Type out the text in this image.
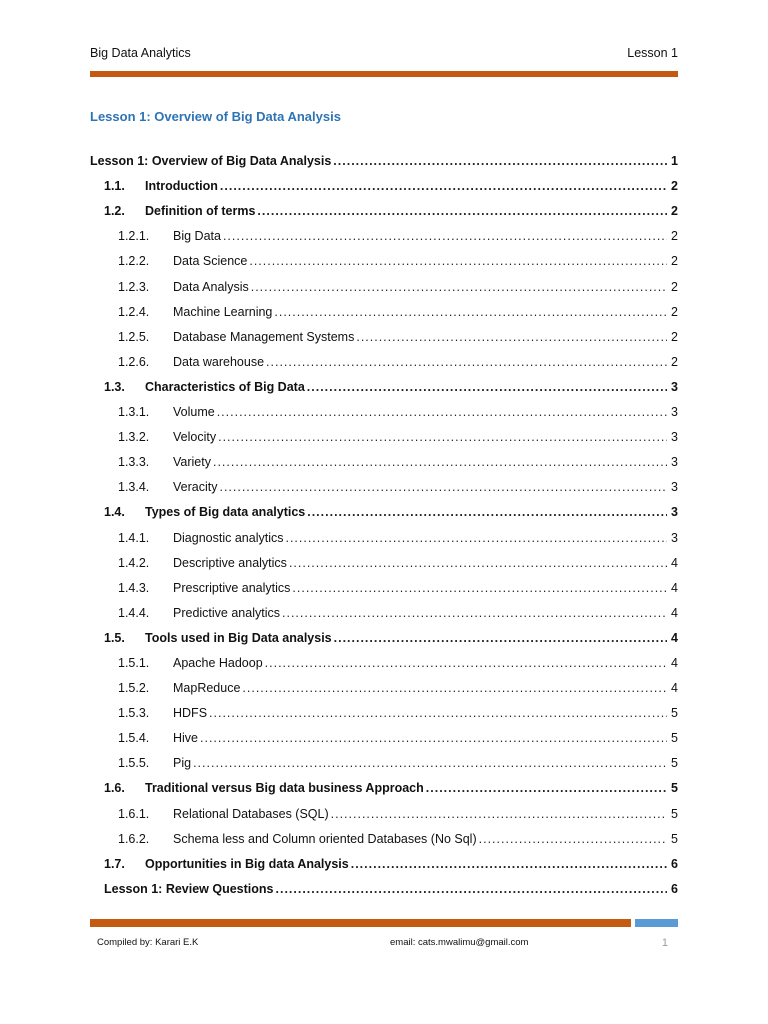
Big Data Analytics	Lesson 1
Lesson 1: Overview of Big Data Analysis
Lesson 1: Overview of Big Data Analysis .....	1
1.1.	Introduction .....	2
1.2.	Definition of terms .....	2
1.2.1.	Big Data .....	2
1.2.2.	Data Science .....	2
1.2.3.	Data Analysis .....	2
1.2.4.	Machine Learning .....	2
1.2.5.	Database Management Systems .....	2
1.2.6.	Data warehouse .....	2
1.3.	Characteristics of Big Data .....	3
1.3.1.	Volume .....	3
1.3.2.	Velocity .....	3
1.3.3.	Variety .....	3
1.3.4.	Veracity .....	3
1.4.	Types of Big data analytics .....	3
1.4.1.	Diagnostic analytics .....	3
1.4.2.	Descriptive analytics .....	4
1.4.3.	Prescriptive analytics .....	4
1.4.4.	Predictive analytics .....	4
1.5.	Tools used in Big Data analysis .....	4
1.5.1.	Apache Hadoop .....	4
1.5.2.	MapReduce .....	4
1.5.3.	HDFS .....	5
1.5.4.	Hive .....	5
1.5.5.	Pig .....	5
1.6.	Traditional versus Big data business Approach .....	5
1.6.1.	Relational Databases (SQL) .....	5
1.6.2.	Schema less and Column oriented Databases (No Sql) .....	5
1.7.	Opportunities in Big data Analysis .....	6
Lesson 1: Review Questions .....	6
Compiled by: Karari E.K	email: cats.mwalimu@gmail.com	1
